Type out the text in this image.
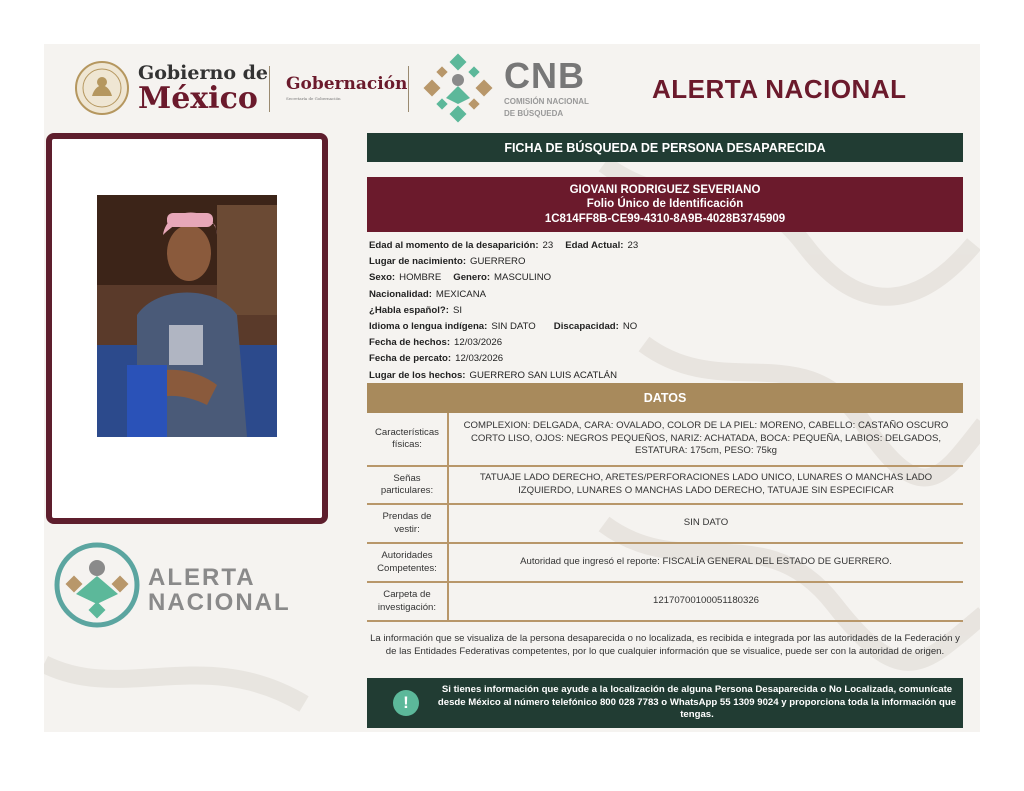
Gobierno de
México	Gobernación
Secretaría de Gobernación
CNB
COMISIÓN NACIONAL
DE BÚSQUEDA
ALERTA NACIONAL
ALERTA
NACIONAL
FICHA DE BÚSQUEDA DE PERSONA DESAPARECIDA
GIOVANI RODRIGUEZ SEVERIANO
Folio Único de Identificación
1C814FF8B-CE99-4310-8A9B-4028B3745909
Edad al momento de la desaparición: 23 Edad Actual: 23
Lugar de nacimiento: GUERRERO
Sexo: HOMBRE Genero: MASCULINO
Nacionalidad: MEXICANA
¿Habla español?: SI
Idioma o lengua indígena: SIN DATO Discapacidad: NO
Fecha de hechos: 12/03/2026
Fecha de percato: 12/03/2026
Lugar de los hechos: GUERRERO SAN LUIS ACATLÁN
DATOS
Características físicas:	COMPLEXION: DELGADA, CARA: OVALADO, COLOR DE LA PIEL: MORENO, CABELLO: CASTAÑO OSCURO CORTO LISO, OJOS: NEGROS PEQUEÑOS, NARIZ: ACHATADA, BOCA: PEQUEÑA, LABIOS: DELGADOS, ESTATURA: 175cm, PESO: 75kg
Señas particulares:	TATUAJE LADO DERECHO, ARETES/PERFORACIONES LADO UNICO, LUNARES O MANCHAS LADO IZQUIERDO, LUNARES O MANCHAS LADO DERECHO, TATUAJE SIN ESPECIFICAR
Prendas de vestir:	SIN DATO
Autoridades Competentes:	Autoridad que ingresó el reporte: FISCALÍA GENERAL DEL ESTADO DE GUERRERO.
Carpeta de investigación:	12170700100051180326
La información que se visualiza de la persona desaparecida o no localizada, es recibida e integrada por las autoridades de la Federación y de las Entidades Federativas competentes, por lo que cualquier información que se visualice, puede ser con la autoridad de origen.
!
Si tienes información que ayude a la localización de alguna Persona Desaparecida o No Localizada, comunícate desde México al número telefónico 800 028 7783 o WhatsApp 55 1309 9024 y proporciona toda la información que tengas.
